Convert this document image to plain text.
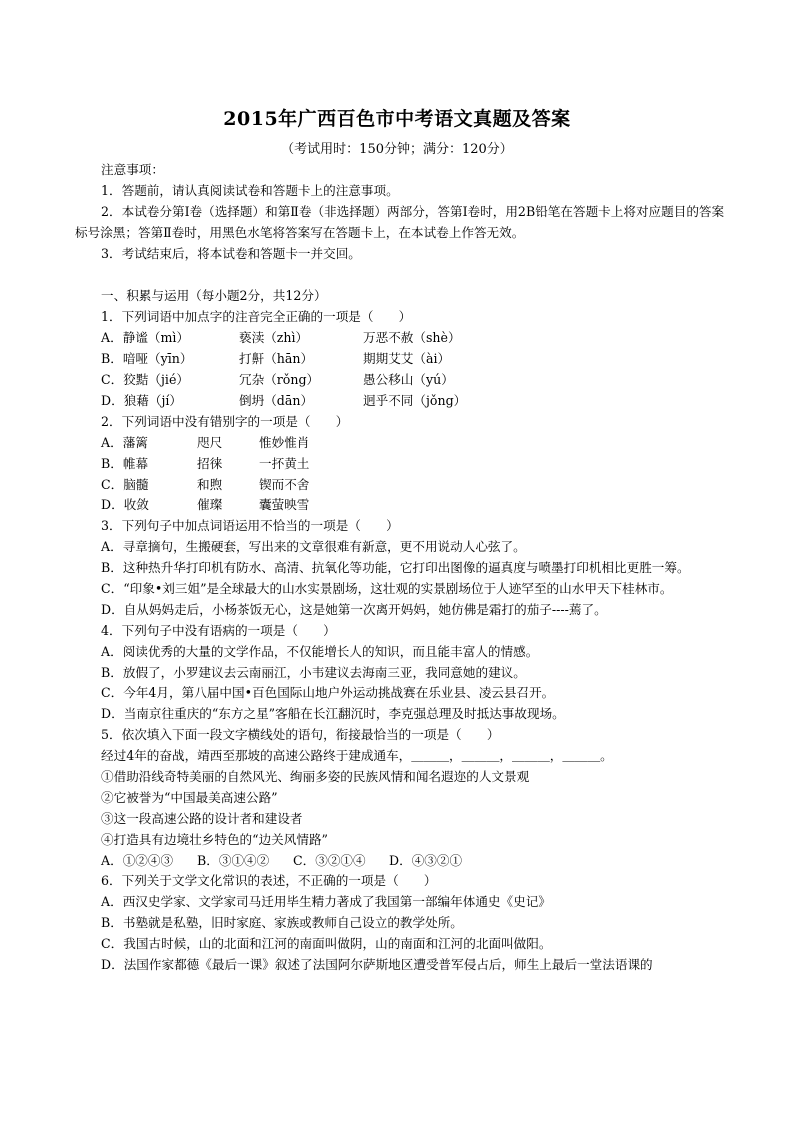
2015年广西百色市中考语文真题及答案
（考试用时：150分钟；满分：120分）
注意事项：
1．答题前，请认真阅读试卷和答题卡上的注意事项。
2．本试卷分第Ⅰ卷（选择题）和第Ⅱ卷（非选择题）两部分，答第Ⅰ卷时，用2B铅笔在答题卡上将对应题目的答案标号涂黑；答第Ⅱ卷时，用黑色水笔将答案写在答题卡上，在本试卷上作答无效。
3．考试结束后，将本试卷和答题卡一并交回。
一、积累与运用（每小题2分，共12分）
1．下列词语中加点字的注音完全正确的一项是（　　）
A．静谧（mì）	亵渎（zhì）	万恶不赦（shè）
B．喑哑（yīn）	打鼾（hān）	期期艾艾（ài）
C．狡黠（jié）	冗杂（rǒng）	愚公移山（yú）
D．狼藉（jí）	倒坍（dān）	迥乎不同（jǒng）
2．下列词语中没有错别字的一项是（　　）
A．藩篱	咫尺	惟妙惟肖
B．帷幕	招徕	一抔黄土
C．脑髓	和煦	锲而不舍
D．收敛	催璨	囊萤映雪
3．下列句子中加点词语运用不恰当的一项是（　　）
A．寻章摘句，生搬硬套，写出来的文章很难有新意，更不用说动人心弦了。
B．这种热升华打印机有防水、高清、抗氧化等功能，它打印出图像的逼真度与喷墨打印机相比更胜一筹。
C．“印象•刘三姐”是全球最大的山水实景剧场，这壮观的实景剧场位于人迹罕至的山水甲天下桂林市。
D．自从妈妈走后，小杨茶饭无心，这是她第一次离开妈妈，她仿佛是霜打的茄子----蔫了。
4．下列句子中没有语病的一项是（　　）
A．阅读优秀的大量的文学作品，不仅能增长人的知识，而且能丰富人的情感。
B．放假了，小罗建议去云南丽江，小韦建议去海南三亚，我同意她的建议。
C．今年4月，第八届中国•百色国际山地户外运动挑战赛在乐业县、凌云县召开。
D．当南京往重庆的“东方之星”客船在长江翻沉时，李克强总理及时抵达事故现场。
5．依次填入下面一段文字横线处的语句，衔接最恰当的一项是（　　）
经过4年的奋战，靖西至那坡的高速公路终于建成通车，＿＿＿，＿＿＿，＿＿＿，＿＿＿。
①借助沿线奇特美丽的自然风光、绚丽多姿的民族风情和闻名遐迩的人文景观
②它被誉为“中国最美高速公路”
③这一段高速公路的设计者和建设者
④打造具有边境壮乡特色的“边关风情路”
A．①②④③ B．③①④② C．③②①④ D．④③②①
6．下列关于文学文化常识的表述，不正确的一项是（　　）
A．西汉史学家、文学家司马迁用毕生精力著成了我国第一部编年体通史《史记》
B．书塾就是私塾，旧时家庭、家族或教师自己设立的教学处所。
C．我国古时候，山的北面和江河的南面叫做阴，山的南面和江河的北面叫做阳。
D．法国作家都德《最后一课》叙述了法国阿尔萨斯地区遭受普军侵占后，师生上最后一堂法语课的
